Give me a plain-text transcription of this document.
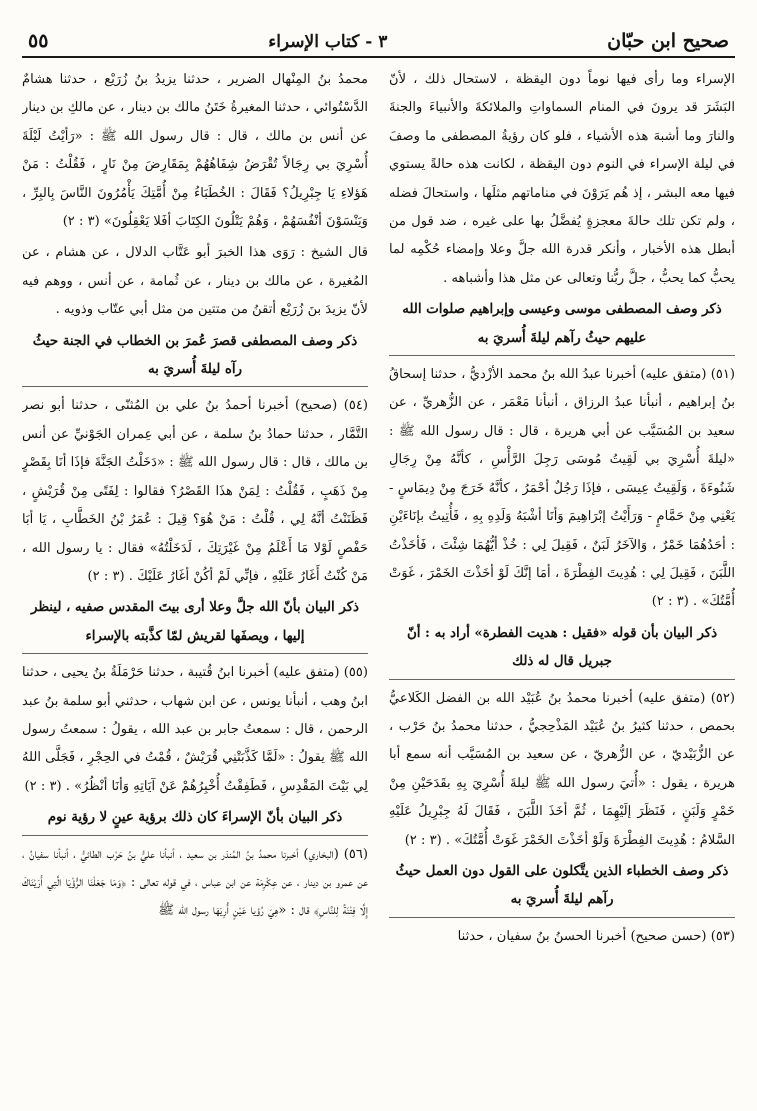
صحيح ابن حبّان
٣ - كتاب الإسراء
٥٥

الإسراء وما رأى فيها نوماً دون اليقظة ، لاستحال ذلك ، لأنّ البَشَرَ قد يرونَ في المنام السماواتِ والملائكةَ والأنبياءَ والجنةَ والنارَ وما أشبهَ هذه الأشياء ، فلو كان رؤيةُ المصطفى ما وصفَ في ليلة الإسراء في النوم دون اليقظة ، لكانت هذه حالةً يستوي فيها معه البشر ، إذ هُم يَرَوْنَ في مناماتهم مثلَها ، واستحالَ فضله ، ولم تكن تلك حالةَ معجزةٍ يُفضَّلُ بها على غيره ، ضد قول من أبطل هذه الأخبار ، وأنكر قدرة الله جلَّ وعلا وإمضاء حُكْمِه لما يحبُّ كما يحبُّ ، جلَّ ربُّنا وتعالى عن مثل هذا وأشباهه .

ذكر وصف المصطفى موسى وعيسى وإبراهيم صلوات الله عليهم حيثُ رآهم ليلةَ أُسريَ به

(٥١) (متفق عليه) أخبرنا عبدُ الله بنُ محمد الأزْديُّ ، حدثنا إسحاقُ بنُ إبراهيم ، أنبأنا عبدُ الرزاق ، أنبأنا مَعْمَر ، عن الزُّهريِّ ، عن سعيد بن المُسَيَّب عن أبي هريرة ، قال : قال رسول الله ﷺ : «ليلةَ أُسْرِيَ بي لَقِيتُ مُوسَى رَجِلَ الرَّأْسِ ، كأنَّهُ مِنْ رِجَالِ شَنُوءَةَ ، وَلَقِيتُ عِيسَى ، فإذَا رَجُلٌ أحْمَرُ ، كأنَّهُ خَرَجَ مِنْ دِيمَاسٍ - يَعْنِي مِنْ حَمَّامٍ - وَرَأَيْتُ إبْرَاهِيمَ وَأنَا أشْبَهُ وَلَدِهِ بِهِ ، فَأُتِيتُ بإنَاءَيْنِ : أحَدُهُمَا خَمْرٌ ، وَالآخَرُ لَبَنٌ ، فَقِيلَ لِي : خُذْ أيُّهُمَا شِئْتَ ، فَأخَذْتُ اللَّبَنَ ، فَقِيلَ لِي : هُدِيتَ الفِطْرَةَ ، أمَا إنَّكَ لَوْ أخَذْتَ الخَمْرَ ، غَوَتْ أُمَّتُكَ» . (٣ : ٢)

ذكر البيان بأن قوله «فقيل : هديت الفطرة» أراد به : أنّ جبريل قال له ذلك

(٥٢) (متفق عليه) أخبرنا محمدُ بنُ عُبَيْد الله بن الفضل الكَلاعيُّ بحمص ، حدثنا كثيرُ بنُ عُبَيْد المَذْحِجيُّ ، حدثنا محمدُ بنُ حَرْب ، عن الزُّبَيْديّ ، عن الزُّهريّ ، عن سعيد بن المُسَيَّب أنه سمع أبا هريرة ، يقول : «أُتيَ رسول الله ﷺ ليلةَ أُسْرِيَ بِهِ بقَدَحَيْنِ مِنْ خَمْرٍ وَلَبَنٍ ، فَنَظَرَ إلَيْهِمَا ، ثُمَّ أخَذَ اللَّبَنَ ، فَقَالَ لَهُ جِبْرِيلُ عَلَيْهِ السَّلامُ : هُدِيتَ الفِطْرَةَ وَلَوْ أخَذْتَ الخَمْرَ غَوَتْ أُمَّتُكَ» . (٣ : ٢)

ذكر وصف الخطباء الذين يتَّكلون على القول دون العمل حيثُ رآهم ليلةَ أُسريَ به

(٥٣) (حسن صحيح) أخبرنا الحسنُ بنُ سفيان ، حدثنا

محمدُ بنُ المِنْهال الضرير ، حدثنا يزيدُ بنُ زُرَيْع ، حدثنا هشامٌ الدَّسْتُوائي ، حدثنا المغيرةُ خَتَنُ مالك بن دينار ، عن مالكِ بن دينار عن أنس بن مالك ، قال : قال رسول الله ﷺ : «رَأيْتُ لَيْلَةَ أُسْرِيَ بي رِجَالاً تُقْرَضُ شِفَاهُهُمْ بِمَقَارِضَ مِنْ نَارٍ ، فَقُلْتُ : مَنْ هَؤلاءِ يَا جِبْرِيلُ؟ فَقَالَ : الخُطَبَاءُ مِنْ أُمَّتِكَ يَأْمُرُونَ النَّاسَ بِالبِرِّ ، وَيَنْسَوْنَ أنْفُسَهُمْ ، وَهُمْ يَتْلُونَ الكِتَابَ أفَلا يَعْقِلُونَ» (٣ : ٢)

قال الشيخ : رَوَى هذا الخبرَ أبو عَتَّاب الدلال ، عن هشام ، عن المُغيرة ، عن مالك بن دينار ، عن ثُمامة ، عن أنس ، ووهم فيه لأنّ يزيدَ بنَ زُرَيْع أتقنُ من متتين من مثل أبي عتّاب وذويه .

ذكر وصف المصطفى قصرَ عُمرَ بن الخطاب في الجنة حيثُ رآه ليلةَ أُسريَ به

(٥٤) (صحيح) أخبرنا أحمدُ بنُ علي بن المُثنّى ، حدثنا أبو نصر التَّمَّار ، حدثنا حمادُ بنُ سلمة ، عن أبي عِمران الجَوْنيِّ عن أنس بن مالك ، قال : قال رسول الله ﷺ : «دَخَلْتُ الجَنَّةَ فإذَا أنَا بِقَصْرٍ مِنْ ذَهَبٍ ، فَقُلْتُ : لِمَنْ هذَا القَصْرُ؟ فقالوا : لِفَتًى مِنْ قُرَيْشٍ ، فَظَنَنْتُ أنَّهُ لِي ، قُلْتُ : مَنْ هُوَ؟ قِيلَ : عُمَرُ بْنُ الخَطَّابِ ، يَا أبَا حَفْصٍ لَوْلا مَا أَعْلَمُ مِنْ غَيْرَتِكَ ، لَدَخَلْتُهُ» فقال : يا رسول الله ، مَنْ كُنْتُ أَغَارُ عَلَيْهِ ، فإنِّي لَمْ أكُنْ أغَارُ عَلَيْكَ . (٣ : ٢)

ذكر البيان بأنّ الله جلَّ وعلا أرى بيتَ المقدس صفيه ، لينظر إليها ، ويصفَها لقريش لمّا كذَّبته بالإسراء

(٥٥) (متفق عليه) أخبرنا ابنُ قُتيبة ، حدثنا حَرْمَلَةُ بنُ يحيى ، حدثنا ابنُ وهب ، أنبأنا يونس ، عن ابن شهاب ، حدثني أبو سلمة بنُ عبد الرحمن ، قال : سمعتُ جابر بن عبد الله ، يقولُ : سمعتُ رسول الله ﷺ يقولُ : «لَمَّا كَذَّبَتْنِي قُرَيْشٌ ، قُمْتُ في الحِجْرِ ، فَجَلَّى اللهُ لِي بَيْتَ المَقْدِسِ ، فَطَفِقْتُ أُخْبِرُهُمْ عَنْ آيَاتِهِ وَأنَا أنْظُرُ» . (٣ : ٢)

ذكر البيان بأنّ الإسراءَ كان ذلك برؤية عينٍ لا رؤية نوم

(٥٦) (البخاري) أخبرنا محمدُ بنُ المُنذر بن سعيد ، أنبأنا عليُّ بنُ حَرْب الطائيُّ ، أنبأنا سفيانُ ، عن عمرو بن دينار ، عن عِكْرِمَة عن ابن عباس ، في قوله تعالى : ﴿وَمَا جَعَلْنَا الرُّؤْيَا الَّتِي أَرَيْنَاكَ إِلَّا فِتْنَةً لِلنَّاسِ﴾ قال : «هِيَ رُؤيا عَيْنٍ أُرِيَهَا رسول الله ﷺ
